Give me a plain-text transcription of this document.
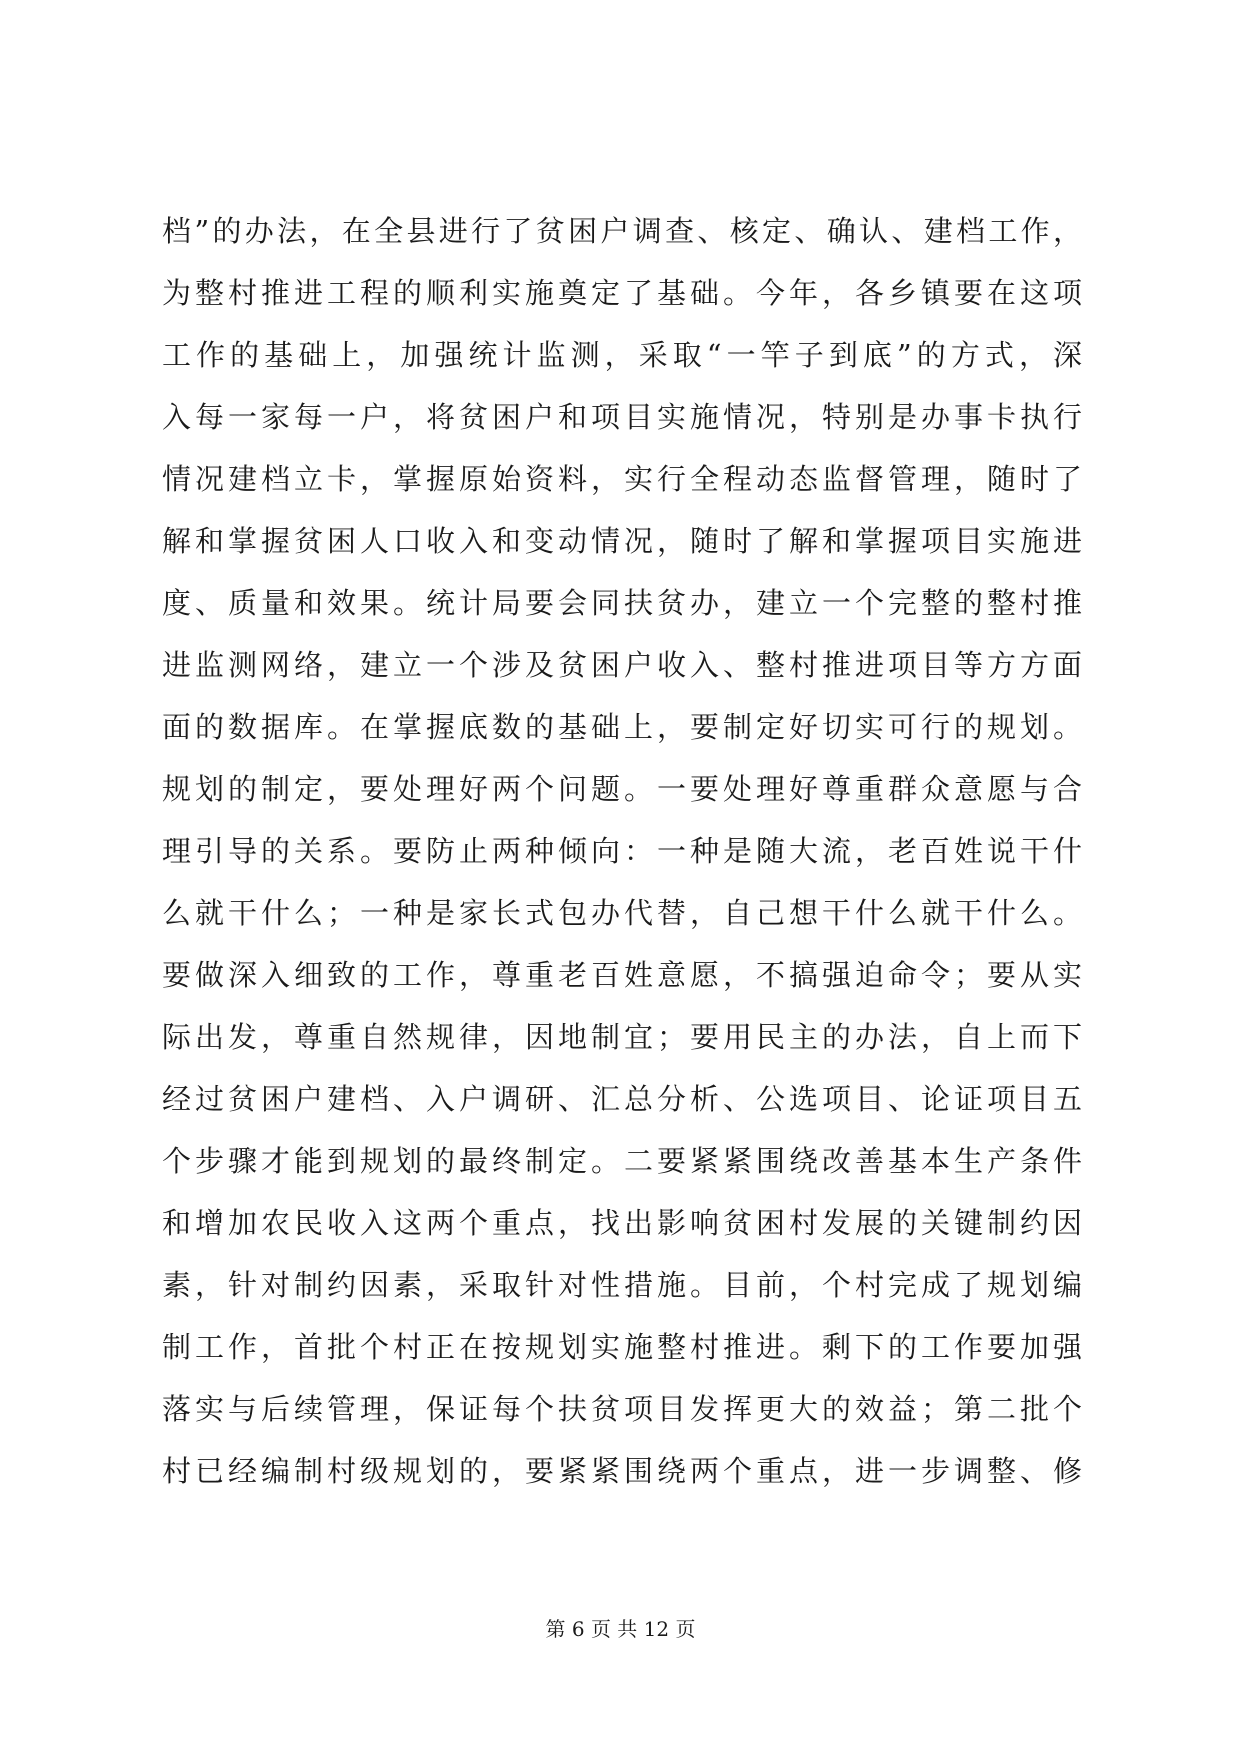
档”的办法，在全县进行了贫困户调查、核定、确认、建档工作，
为整村推进工程的顺利实施奠定了基础。今年，各乡镇要在这项
工作的基础上，加强统计监测，采取“一竿子到底”的方式，深
入每一家每一户，将贫困户和项目实施情况，特别是办事卡执行
情况建档立卡，掌握原始资料，实行全程动态监督管理，随时了
解和掌握贫困人口收入和变动情况，随时了解和掌握项目实施进
度、质量和效果。统计局要会同扶贫办，建立一个完整的整村推
进监测网络，建立一个涉及贫困户收入、整村推进项目等方方面
面的数据库。在掌握底数的基础上，要制定好切实可行的规划。
规划的制定，要处理好两个问题。一要处理好尊重群众意愿与合
理引导的关系。要防止两种倾向：一种是随大流，老百姓说干什
么就干什么；一种是家长式包办代替，自己想干什么就干什么。
要做深入细致的工作，尊重老百姓意愿，不搞强迫命令；要从实
际出发，尊重自然规律，因地制宜；要用民主的办法，自上而下
经过贫困户建档、入户调研、汇总分析、公选项目、论证项目五
个步骤才能到规划的最终制定。二要紧紧围绕改善基本生产条件
和增加农民收入这两个重点，找出影响贫困村发展的关键制约因
素，针对制约因素，采取针对性措施。目前，个村完成了规划编
制工作，首批个村正在按规划实施整村推进。剩下的工作要加强
落实与后续管理，保证每个扶贫项目发挥更大的效益；第二批个
村已经编制村级规划的，要紧紧围绕两个重点，进一步调整、修
第 6 页 共 12 页
